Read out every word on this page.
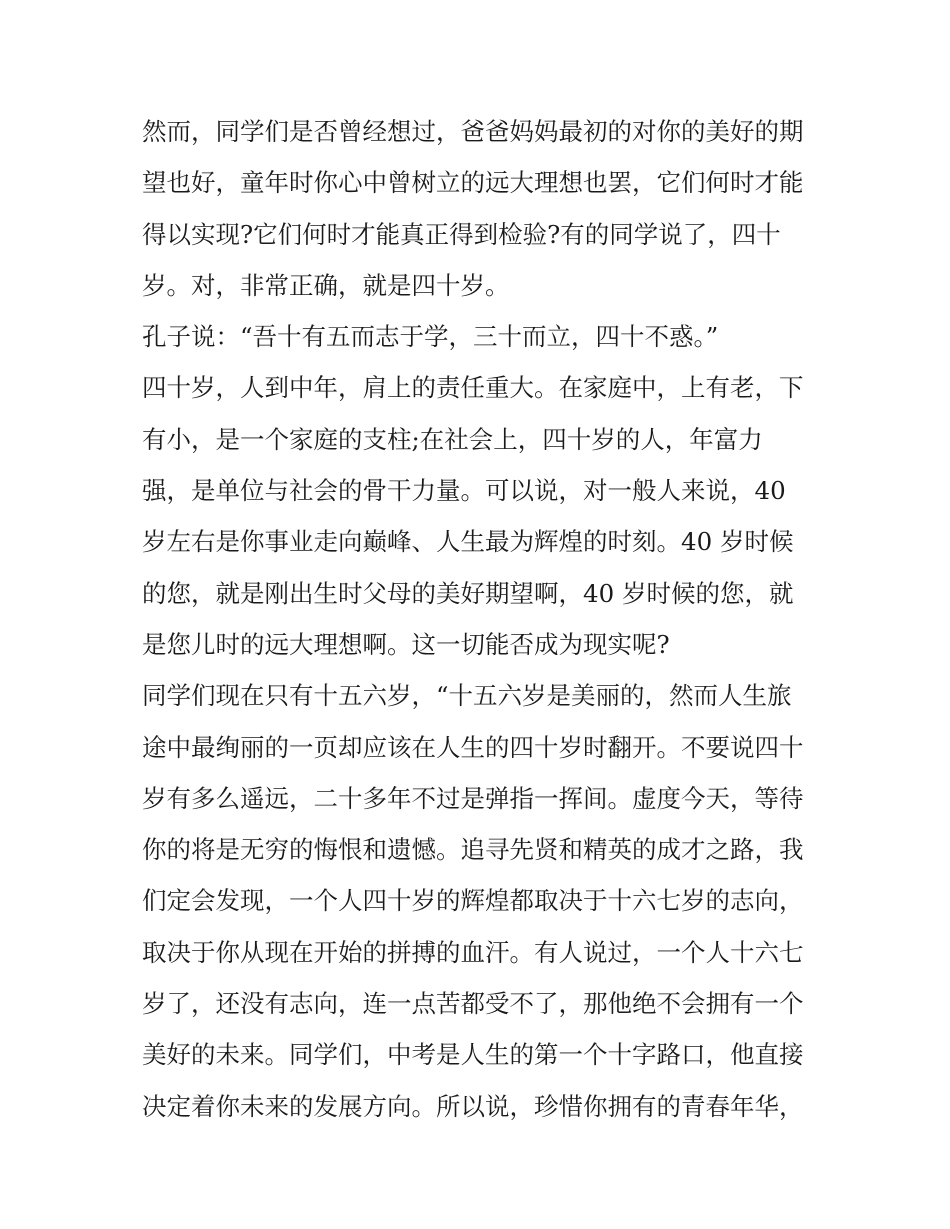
然而，同学们是否曾经想过，爸爸妈妈最初的对你的美好的期

望也好，童年时你心中曾树立的远大理想也罢，它们何时才能

得以实现?它们何时才能真正得到检验?有的同学说了，四十

岁。对，非常正确，就是四十岁。

孔子说：“吾十有五而志于学，三十而立，四十不惑。”

四十岁，人到中年，肩上的责任重大。在家庭中，上有老，下

有小，是一个家庭的支柱;在社会上，四十岁的人，年富力

强，是单位与社会的骨干力量。可以说，对一般人来说，40

岁左右是你事业走向巅峰、人生最为辉煌的时刻。40 岁时候

的您，就是刚出生时父母的美好期望啊，40 岁时候的您，就

是您儿时的远大理想啊。这一切能否成为现实呢?

同学们现在只有十五六岁，“十五六岁是美丽的，然而人生旅

途中最绚丽的一页却应该在人生的四十岁时翻开。不要说四十

岁有多么遥远，二十多年不过是弹指一挥间。虚度今天，等待

你的将是无穷的悔恨和遗憾。追寻先贤和精英的成才之路，我

们定会发现，一个人四十岁的辉煌都取决于十六七岁的志向，

取决于你从现在开始的拼搏的血汗。有人说过，一个人十六七

岁了，还没有志向，连一点苦都受不了，那他绝不会拥有一个

美好的未来。同学们，中考是人生的第一个十字路口，他直接

决定着你未来的发展方向。所以说，珍惜你拥有的青春年华，
